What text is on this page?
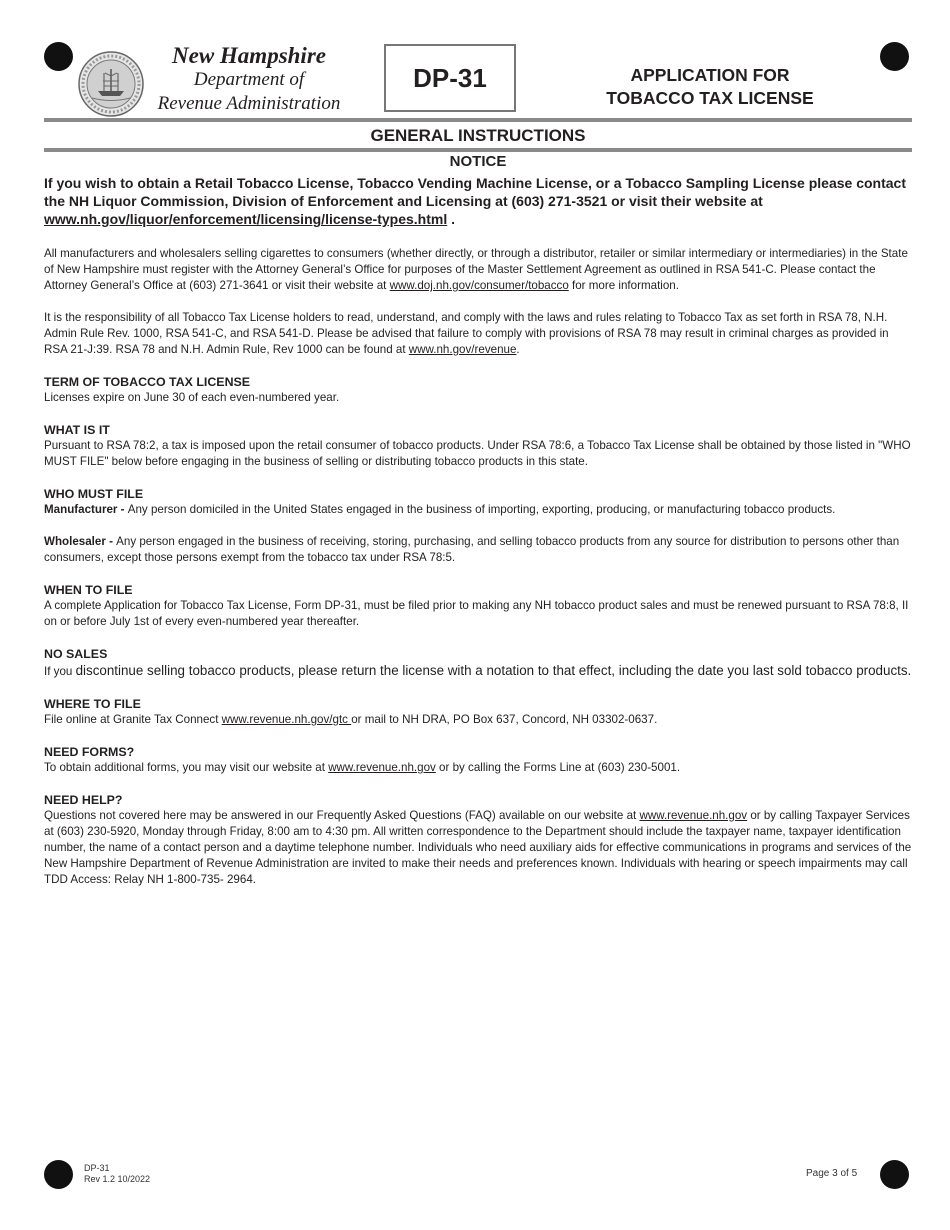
New Hampshire
Department of
Revenue Administration
DP-31	APPLICATION FOR
TOBACCO TAX LICENSE
GENERAL INSTRUCTIONS
NOTICE
If you wish to obtain a Retail Tobacco License, Tobacco Vending Machine License, or a Tobacco Sampling License please contact the NH Liquor Commission, Division of Enforcement and Licensing at (603) 271-3521 or visit their website at
www.nh.gov/liquor/enforcement/licensing/license-types.html .

All manufacturers and wholesalers selling cigarettes to consumers (whether directly, or through a distributor, retailer or similar intermediary or intermediaries) in the State of New Hampshire must register with the Attorney General’s Office for purposes of the Master Settlement Agreement as outlined in RSA 541-C. Please contact the Attorney General’s Office at (603) 271-3641 or visit their website at www.doj.nh.gov/consumer/tobacco for more information.

It is the responsibility of all Tobacco Tax License holders to read, understand, and comply with the laws and rules relating to Tobacco Tax as set forth in RSA 78, N.H. Admin Rule Rev. 1000, RSA 541-C, and RSA 541-D. Please be advised that failure to comply with provisions of RSA 78 may result in criminal charges as provided in RSA 21-J:39. RSA 78 and N.H. Admin Rule, Rev 1000 can be found at www.nh.gov/revenue.

TERM OF TOBACCO TAX LICENSE

Licenses expire on June 30 of each even-numbered year.

WHAT IS IT

Pursuant to RSA 78:2, a tax is imposed upon the retail consumer of tobacco products. Under RSA 78:6, a Tobacco Tax License shall be obtained by those listed in "WHO MUST FILE" below before engaging in the business of selling or distributing tobacco products in this state.

WHO MUST FILE

Manufacturer - Any person domiciled in the United States engaged in the business of importing, exporting, producing, or manufacturing tobacco products.

Wholesaler - Any person engaged in the business of receiving, storing, purchasing, and selling tobacco products from any source for distribution to persons other than consumers, except those persons exempt from the tobacco tax under RSA 78:5.

WHEN TO FILE

A complete Application for Tobacco Tax License, Form DP-31, must be filed prior to making any NH tobacco product sales and must be renewed pursuant to RSA 78:8, II on or before July 1st of every even-numbered year thereafter.

NO SALES

If you discontinue selling tobacco products, please return the license with a notation to that effect, including the date you last sold tobacco products.

WHERE TO FILE

File online at Granite Tax Connect www.revenue.nh.gov/gtc or mail to NH DRA, PO Box 637, Concord, NH 03302-0637.

NEED FORMS?

To obtain additional forms, you may visit our website at www.revenue.nh.gov or by calling the Forms Line at (603) 230-5001.

NEED HELP?

Questions not covered here may be answered in our Frequently Asked Questions (FAQ) available on our website at www.revenue.nh.gov or by calling Taxpayer Services at (603) 230-5920, Monday through Friday, 8:00 am to 4:30 pm. All written correspondence to the Department should include the taxpayer name, taxpayer identification number, the name of a contact person and a daytime telephone number. Individuals who need auxiliary aids for effective communications in programs and services of the New Hampshire Department of Revenue Administration are invited to make their needs and preferences known. Individuals with hearing or speech impairments may call TDD Access: Relay NH 1-800-735- 2964.

DP-31
Rev 1.2 10/2022	Page 3 of 5
